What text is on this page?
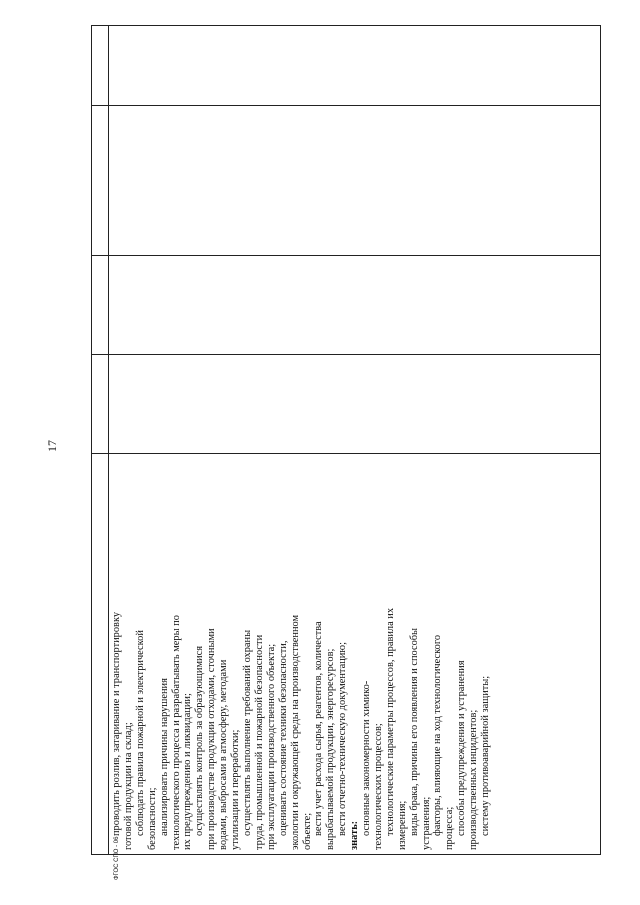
17
проводить розлив, затаривание и транспортировку готовой продукции на склад; соблюдать правила пожарной и электрической безопасности; анализировать причины нарушения технологического процесса и разрабатывать меры по их предупреждению и ликвидации; осуществлять контроль за образующимися при производстве продукции отходами, сточными водами, выбросами в атмосферу, методами утилизации и переработки; осуществлять выполнение требований охраны труда, промышленной и пожарной безопасности при эксплуатации производственного объекта; оценивать состояние техники безопасности, экологии и окружающей среды на производственном объекте; вести учет расхода сырья, реагентов, количества вырабатываемой продукции, энергоресурсов; вести отчетно-техническую документацию; знать: основные закономерности химико- технологических процессов; технологические параметры процессов, правила их измерения; виды брака, причины его появления и способы устранения; факторы, влияющие на ход технологического процесса; способы предупреждения и устранения производственных инцидентов; систему противоаварийной защиты;
ФГОС СПО - 06
